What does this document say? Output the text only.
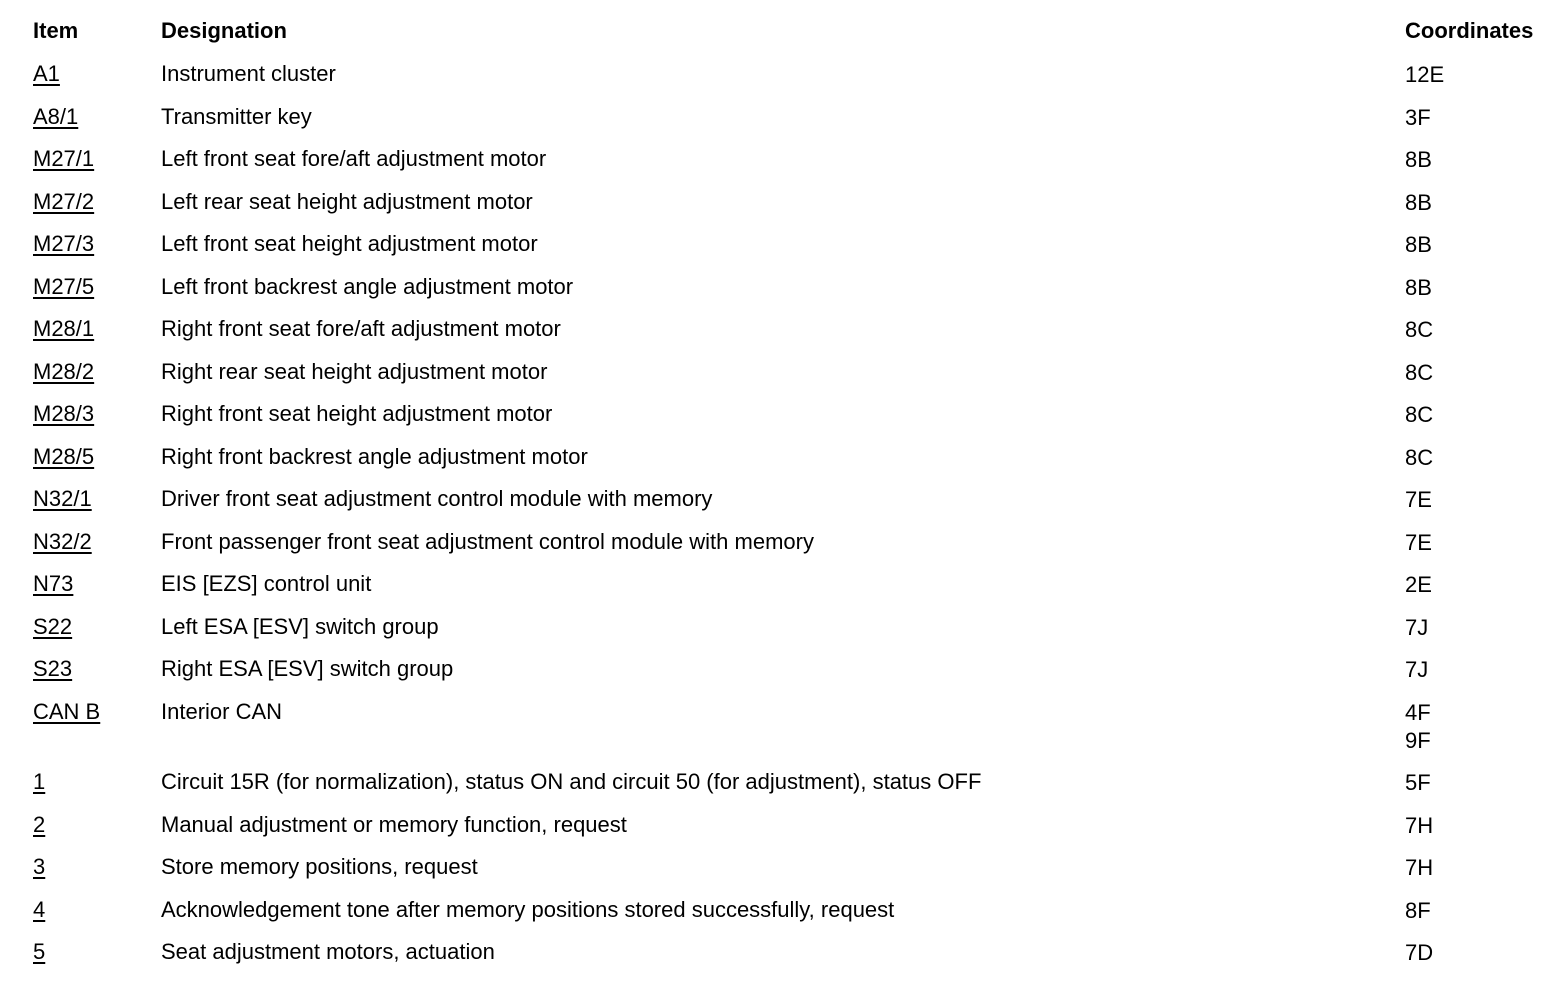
Item	Designation	Coordinates
A1	Instrument cluster	12E
A8/1	Transmitter key	3F
M27/1	Left front seat fore/aft adjustment motor	8B
M27/2	Left rear seat height adjustment motor	8B
M27/3	Left front seat height adjustment motor	8B
M27/5	Left front backrest angle adjustment motor	8B
M28/1	Right front seat fore/aft adjustment motor	8C
M28/2	Right rear seat height adjustment motor	8C
M28/3	Right front seat height adjustment motor	8C
M28/5	Right front backrest angle adjustment motor	8C
N32/1	Driver front seat adjustment control module with memory	7E
N32/2	Front passenger front seat adjustment control module with memory	7E
N73	EIS [EZS] control unit	2E
S22	Left ESA [ESV] switch group	7J
S23	Right ESA [ESV] switch group	7J
CAN B	Interior CAN	4F
9F
1	Circuit 15R (for normalization), status ON and circuit 50 (for adjustment), status OFF	5F
2	Manual adjustment or memory function, request	7H
3	Store memory positions, request	7H
4	Acknowledgement tone after memory positions stored successfully, request	8F
5	Seat adjustment motors, actuation	7D
